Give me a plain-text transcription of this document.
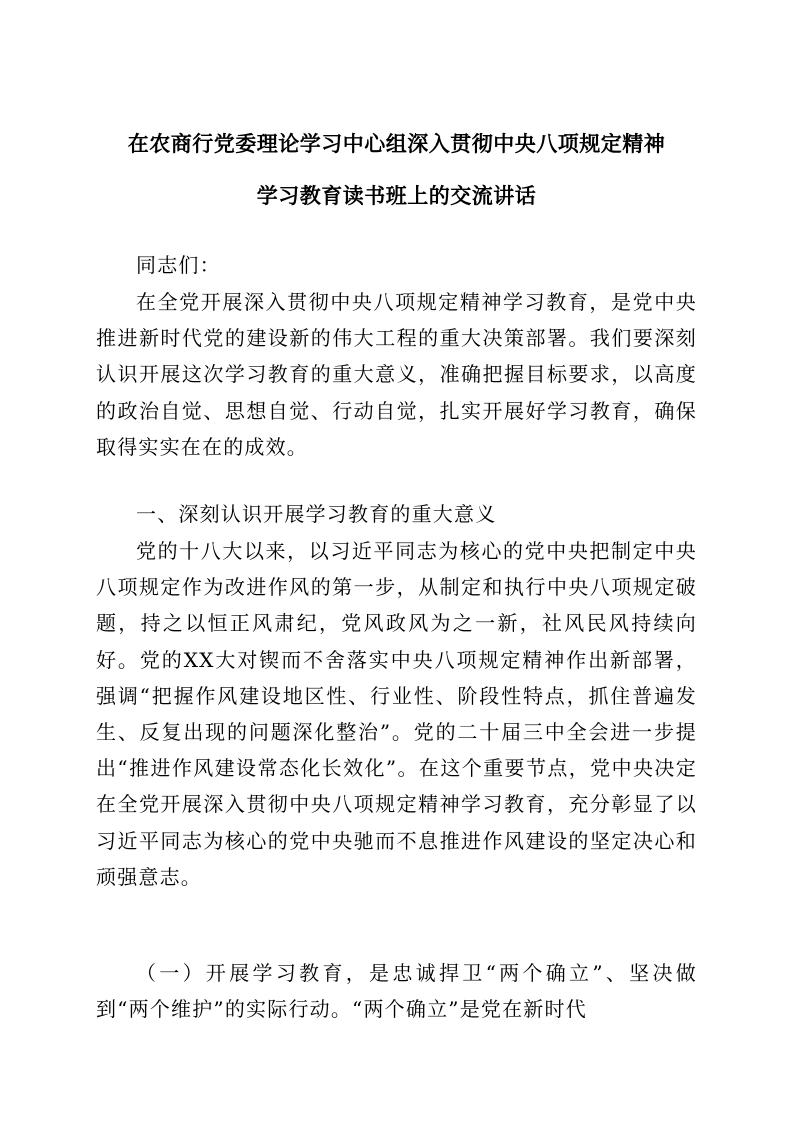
在农商行党委理论学习中心组深入贯彻中央八项规定精神
学习教育读书班上的交流讲话

同志们：

在全党开展深入贯彻中央八项规定精神学习教育，是党中央推进新时代党的建设新的伟大工程的重大决策部署。我们要深刻认识开展这次学习教育的重大意义，准确把握目标要求，以高度的政治自觉、思想自觉、行动自觉，扎实开展好学习教育，确保取得实实在在的成效。

一、深刻认识开展学习教育的重大意义

党的十八大以来，以习近平同志为核心的党中央把制定中央八项规定作为改进作风的第一步，从制定和执行中央八项规定破题，持之以恒正风肃纪，党风政风为之一新，社风民风持续向好。党的XX大对锲而不舍落实中央八项规定精神作出新部署，强调“把握作风建设地区性、行业性、阶段性特点，抓住普遍发生、反复出现的问题深化整治”。党的二十届三中全会进一步提出“推进作风建设常态化长效化”。在这个重要节点，党中央决定在全党开展深入贯彻中央八项规定精神学习教育，充分彰显了以习近平同志为核心的党中央驰而不息推进作风建设的坚定决心和顽强意志。

（一）开展学习教育，是忠诚捍卫“两个确立”、坚决做到“两个维护”的实际行动。“两个确立”是党在新时代
